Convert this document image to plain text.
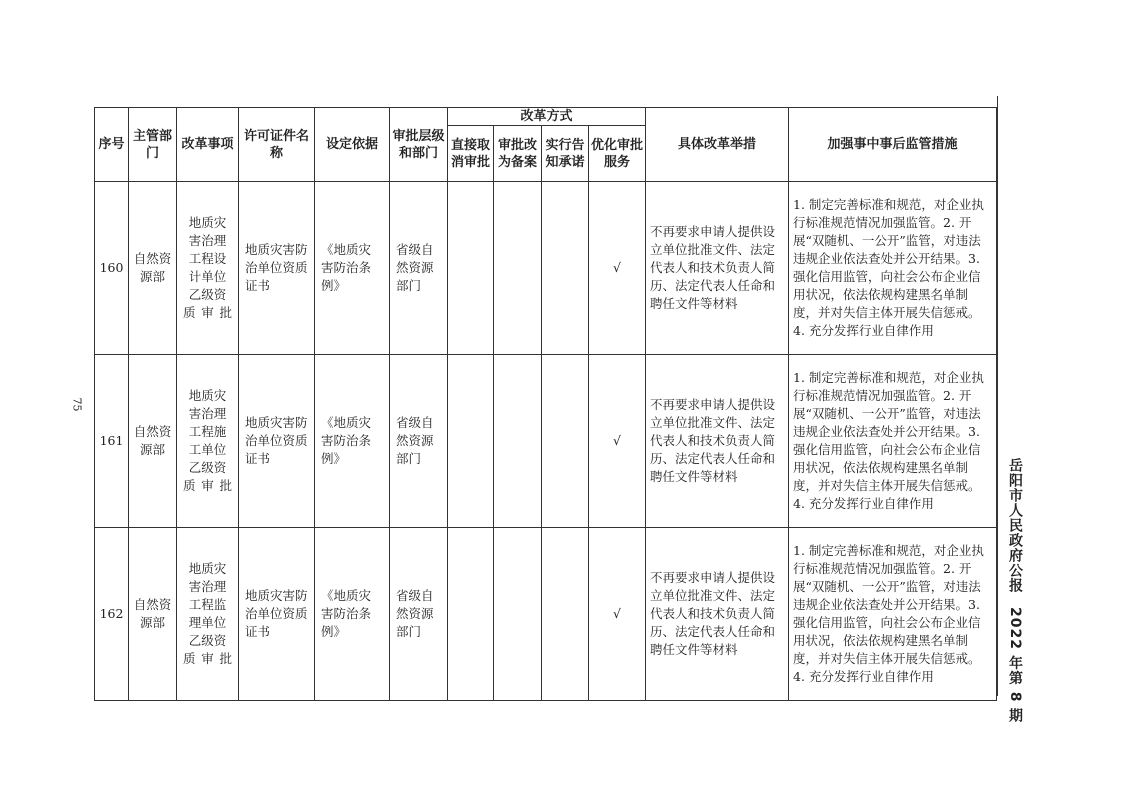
75
岳阳市人民政府公报2022 年第 8 期
序号	主管部门	改革事项	许可证件名称	设定依据	审批层级和部门	改革方式				具体改革举措	加强事中事后监管措施
						直接取消审批	审批改为备案	实行告知承诺	优化审批服务		
160	自然资源部	地质灾害治理工程设计单位乙级资质审批	地质灾害防治单位资质证书	《地质灾害防治条例》	省级自然资源部门				√	不再要求申请人提供设立单位批准文件、法定代表人和技术负责人简历、法定代表人任命和聘任文件等材料	1. 制定完善标准和规范，对企业执行标准规范情况加强监管。2. 开展“双随机、一公开”监管，对违法违规企业依法查处并公开结果。3. 强化信用监管，向社会公布企业信用状况，依法依规构建黑名单制度，并对失信主体开展失信惩戒。4. 充分发挥行业自律作用
161	自然资源部	地质灾害治理工程施工单位乙级资质审批	地质灾害防治单位资质证书	《地质灾害防治条例》	省级自然资源部门				√	不再要求申请人提供设立单位批准文件、法定代表人和技术负责人简历、法定代表人任命和聘任文件等材料	1. 制定完善标准和规范，对企业执行标准规范情况加强监管。2. 开展“双随机、一公开”监管，对违法违规企业依法查处并公开结果。3. 强化信用监管，向社会公布企业信用状况，依法依规构建黑名单制度，并对失信主体开展失信惩戒。4. 充分发挥行业自律作用
162	自然资源部	地质灾害治理工程监理单位乙级资质审批	地质灾害防治单位资质证书	《地质灾害防治条例》	省级自然资源部门				√	不再要求申请人提供设立单位批准文件、法定代表人和技术负责人简历、法定代表人任命和聘任文件等材料	1. 制定完善标准和规范，对企业执行标准规范情况加强监管。2. 开展“双随机、一公开”监管，对违法违规企业依法查处并公开结果。3. 强化信用监管，向社会公布企业信用状况，依法依规构建黑名单制度，并对失信主体开展失信惩戒。4. 充分发挥行业自律作用
